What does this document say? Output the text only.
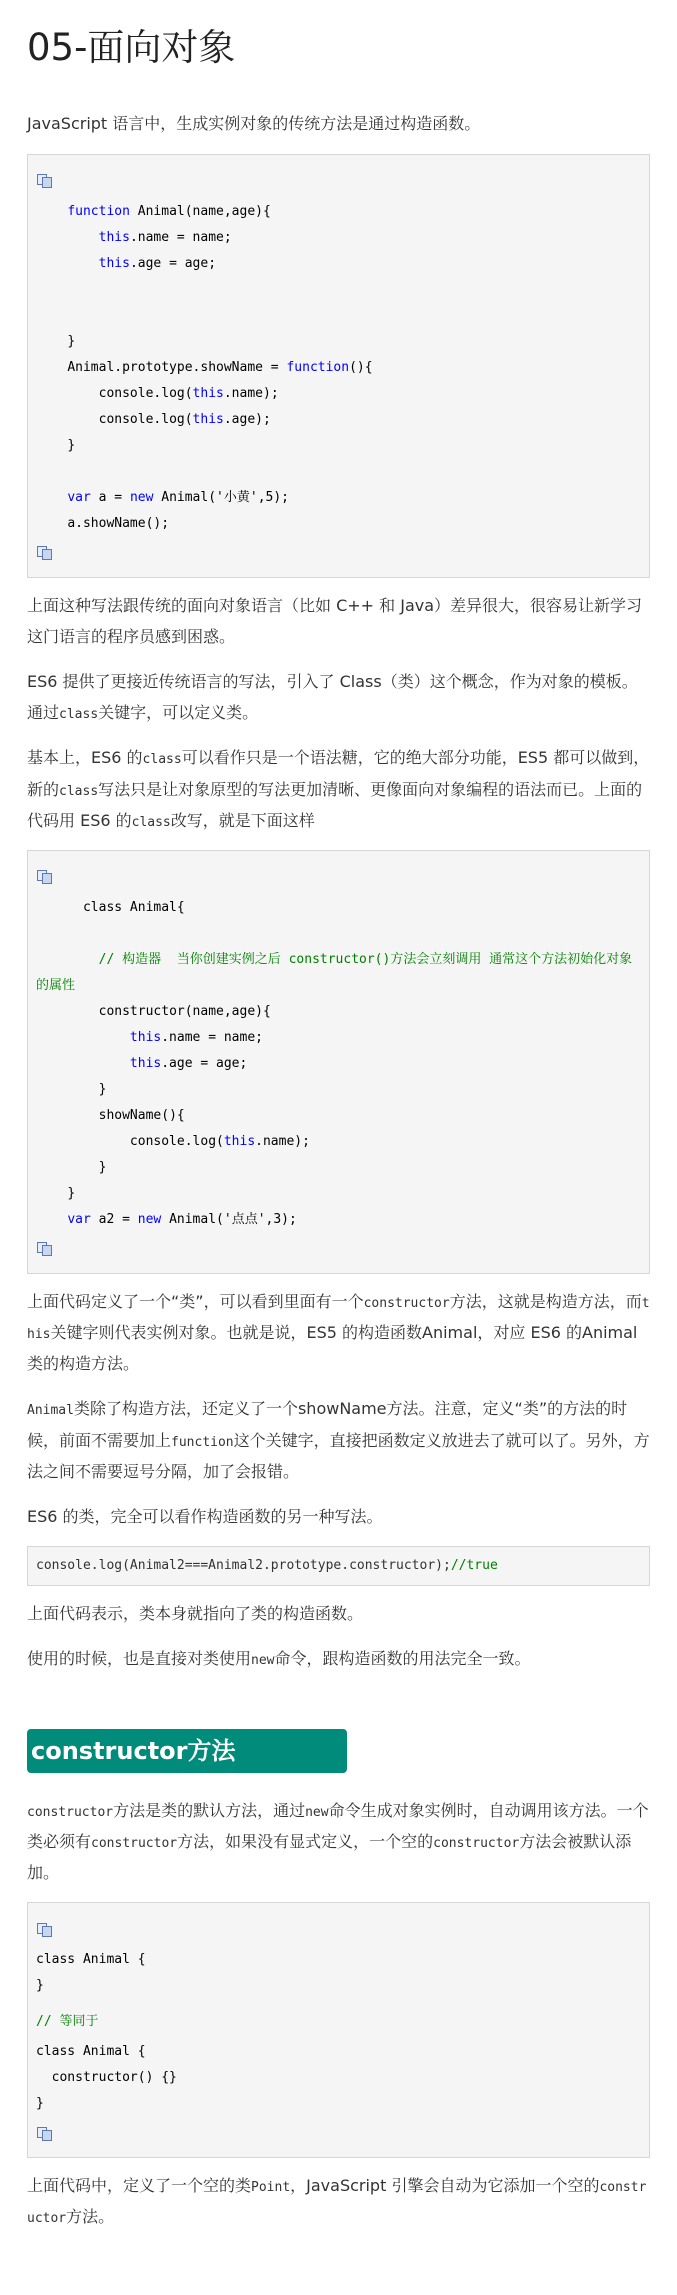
05-面向对象

JavaScript 语言中，生成实例对象的传统方法是通过构造函数。

function Animal(name,age){
this.name = name;
this.age = age;

}
Animal.prototype.showName = function(){
console.log(this.name);
console.log(this.age);
}

var a = new Animal('小黄',5);
a.showName();

上面这种写法跟传统的面向对象语言（比如 C++ 和 Java）差异很大，很容易让新学习这门语言的程序员感到困惑。

ES6 提供了更接近传统语言的写法，引入了 Class（类）这个概念，作为对象的模板。通过class关键字，可以定义类。

基本上，ES6 的class可以看作只是一个语法糖，它的绝大部分功能，ES5 都可以做到，新的class写法只是让对象原型的写法更加清晰、更像面向对象编程的语法而已。上面的代码用 ES6 的class改写，就是下面这样

class Animal{

// 构造器  当你创建实例之后 constructor()方法会立刻调用 通常这个方法初始化对象的属性
constructor(name,age){
this.name = name;
this.age = age;
}
showName(){
console.log(this.name);
}
}
var a2 = new Animal('点点',3);

上面代码定义了一个“类”，可以看到里面有一个constructor方法，这就是构造方法，而this关键字则代表实例对象。也就是说，ES5 的构造函数Animal，对应 ES6 的Animal类的构造方法。

Animal类除了构造方法，还定义了一个showName方法。注意，定义“类”的方法的时候，前面不需要加上function这个关键字，直接把函数定义放进去了就可以了。另外，方法之间不需要逗号分隔，加了会报错。

ES6 的类，完全可以看作构造函数的另一种写法。

console.log(Animal2===Animal2.prototype.constructor);//true

上面代码表示，类本身就指向了类的构造函数。

使用的时候，也是直接对类使用new命令，跟构造函数的用法完全一致。

constructor方法

constructor方法是类的默认方法，通过new命令生成对象实例时，自动调用该方法。一个类必须有constructor方法，如果没有显式定义，一个空的constructor方法会被默认添加。

class Animal {
}
// 等同于
class Animal {
constructor() {}
}

上面代码中，定义了一个空的类Point，JavaScript 引擎会自动为它添加一个空的constructor方法。
